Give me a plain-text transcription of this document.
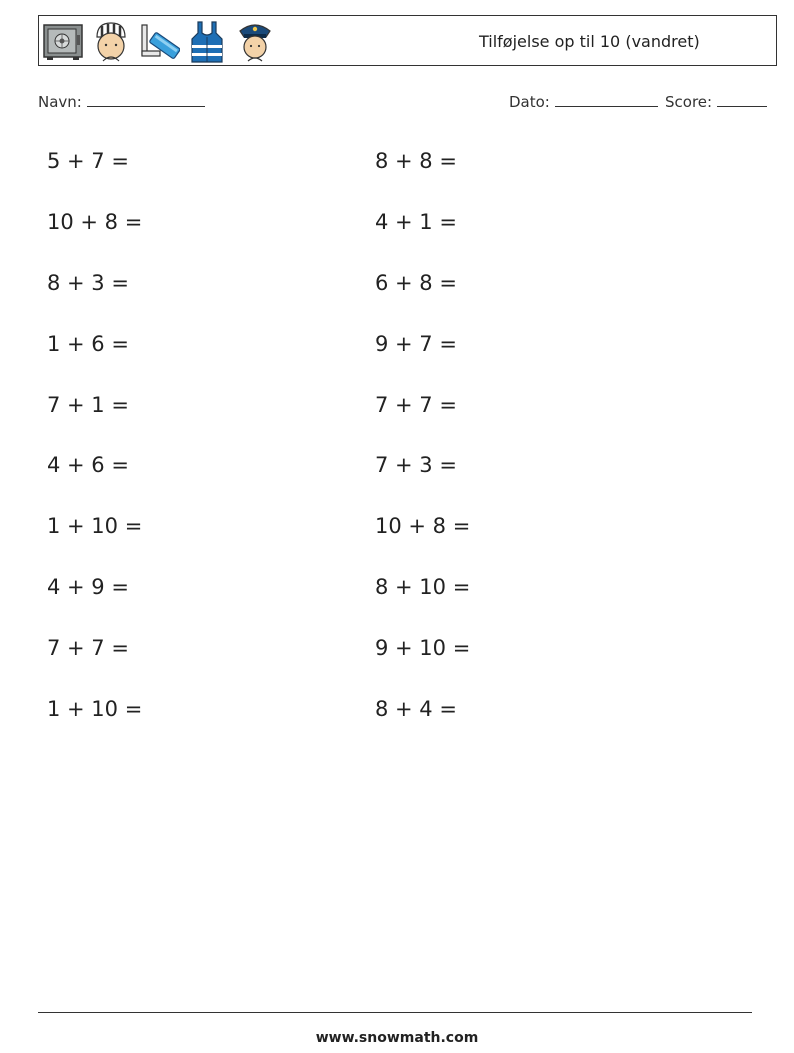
Tilføjelse op til 10 (vandret)
Navn:	Dato:	Score:
5 + 7 =
10 + 8 =
8 + 3 =
1 + 6 =
7 + 1 =
4 + 6 =
1 + 10 =
4 + 9 =
7 + 7 =
1 + 10 =
8 + 8 =
4 + 1 =
6 + 8 =
9 + 7 =
7 + 7 =
7 + 3 =
10 + 8 =
8 + 10 =
9 + 10 =
8 + 4 =
www.snowmath.com
